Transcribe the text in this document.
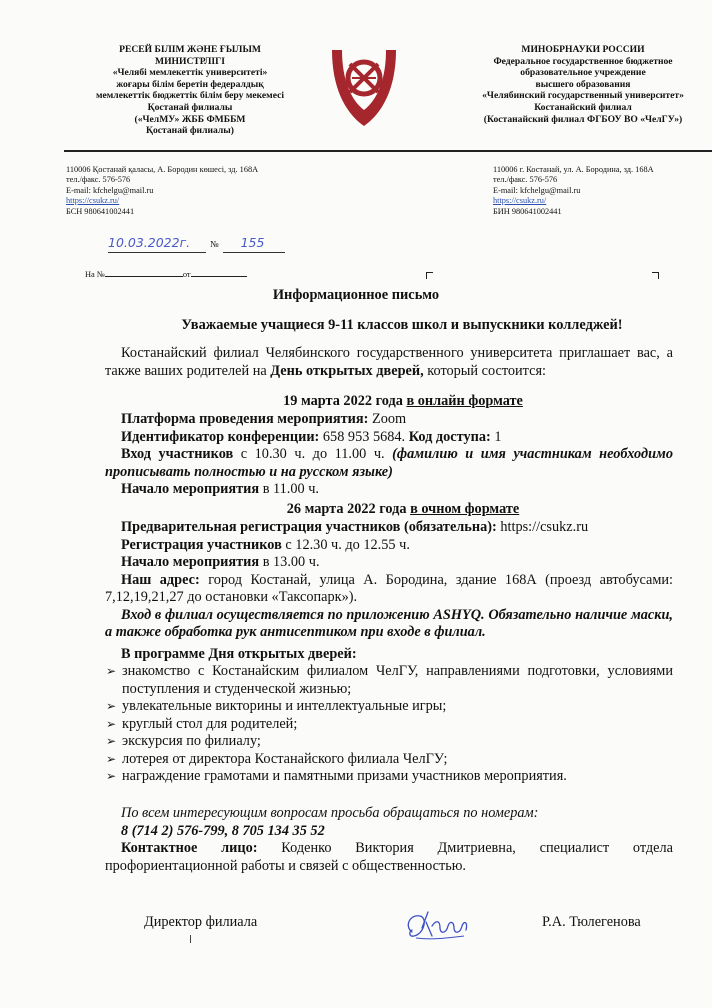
РЕСЕЙ БІЛІМ ЖӘНЕ ҒЫЛЫМ
МИНИСТРЛІГІ
«Челябі мемлекеттік университеті»
жоғары білім беретін федералдық
мемлекеттік бюджеттік білім беру мекемесі
Қостанай филиалы
(«ЧелМУ» ЖББ ФМББМ
Қостанай филиалы)
МИНОБРНАУКИ РОССИИ
Федеральное государственное бюджетное
образовательное учреждение
высшего образования
«Челябинский государственный университет»
Костанайский филиал
(Костанайский филиал ФГБОУ ВО «ЧелГУ»)
110006 Қостанай қаласы, А. Бородин көшесі, зд. 168А
тел./факс. 576-576
E-mail: kfchelgu@mail.ru
https://csukz.ru/
БСН 980641002441
110006 г. Костанай, ул. А. Бородина, зд. 168А
тел./факс. 576-576
E-mail: kfchelgu@mail.ru
https://csukz.ru/
БИН 980641002441
10.03.2022г. № 155
На №	от
Информационное письмо
Уважаемые учащиеся 9-11 классов школ и выпускники колледжей!
Костанайский филиал Челябинского государственного университета приглашает вас, а также ваших родителей на День открытых дверей, который состоится:
19 марта 2022 года в онлайн формате
Платформа проведения мероприятия: Zoom
Идентификатор конференции: 658 953 5684. Код доступа: 1
Вход участников с 10.30 ч. до 11.00 ч. (фамилию и имя участникам необходимо прописывать полностью и на русском языке)
Начало мероприятия в 11.00 ч.
26 марта 2022 года в очном формате
Предварительная регистрация участников (обязательна): https://csukz.ru
Регистрация участников с 12.30 ч. до 12.55 ч.
Начало мероприятия в 13.00 ч.
Наш адрес: город Костанай, улица А. Бородина, здание 168А (проезд автобусами: 7,12,19,21,27 до остановки «Таксопарк»).
Вход в филиал осуществляется по приложению ASHYQ. Обязательно наличие маски, а также обработка рук антисептиком при входе в филиал.
В программе Дня открытых дверей:
➢ знакомство с Костанайским филиалом ЧелГУ, направлениями подготовки, условиями поступления и студенческой жизнью;
➢ увлекательные викторины и интеллектуальные игры;
➢ круглый стол для родителей;
➢ экскурсия по филиалу;
➢ лотерея от директора Костанайского филиала ЧелГУ;
➢ награждение грамотами и памятными призами участников мероприятия.
По всем интересующим вопросам просьба обращаться по номерам:
8 (714 2) 576-799, 8 705 134 35 52
Контактное лицо: Коденко Виктория Дмитриевна, специалист отдела профориентационной работы и связей с общественностью.
Директор филиала	Р.А. Тюлегенова
